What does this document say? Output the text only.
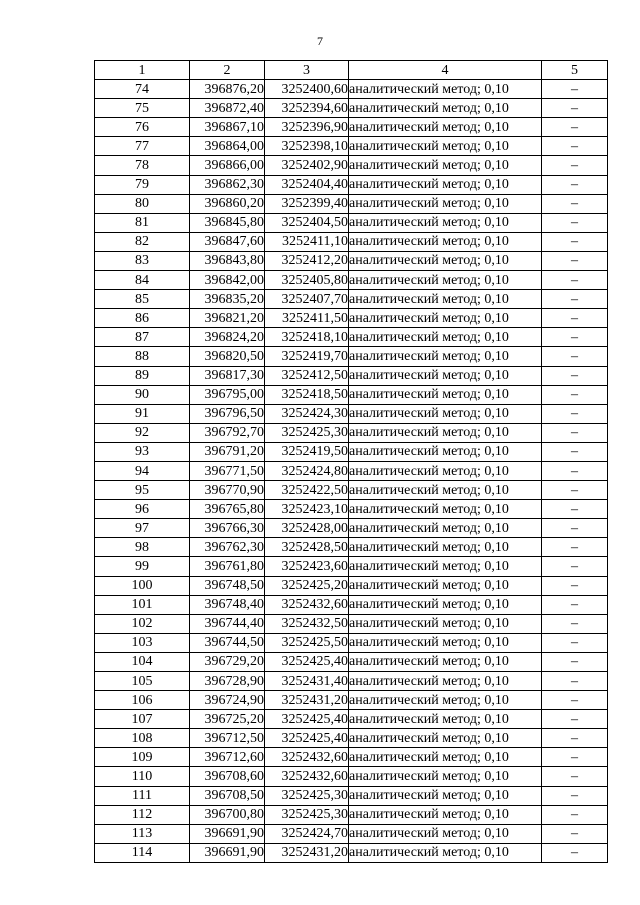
7
1	2	3	4	5
74	396876,20	3252400,60	аналитический метод; 0,10	–
75	396872,40	3252394,60	аналитический метод; 0,10	–
76	396867,10	3252396,90	аналитический метод; 0,10	–
77	396864,00	3252398,10	аналитический метод; 0,10	–
78	396866,00	3252402,90	аналитический метод; 0,10	–
79	396862,30	3252404,40	аналитический метод; 0,10	–
80	396860,20	3252399,40	аналитический метод; 0,10	–
81	396845,80	3252404,50	аналитический метод; 0,10	–
82	396847,60	3252411,10	аналитический метод; 0,10	–
83	396843,80	3252412,20	аналитический метод; 0,10	–
84	396842,00	3252405,80	аналитический метод; 0,10	–
85	396835,20	3252407,70	аналитический метод; 0,10	–
86	396821,20	3252411,50	аналитический метод; 0,10	–
87	396824,20	3252418,10	аналитический метод; 0,10	–
88	396820,50	3252419,70	аналитический метод; 0,10	–
89	396817,30	3252412,50	аналитический метод; 0,10	–
90	396795,00	3252418,50	аналитический метод; 0,10	–
91	396796,50	3252424,30	аналитический метод; 0,10	–
92	396792,70	3252425,30	аналитический метод; 0,10	–
93	396791,20	3252419,50	аналитический метод; 0,10	–
94	396771,50	3252424,80	аналитический метод; 0,10	–
95	396770,90	3252422,50	аналитический метод; 0,10	–
96	396765,80	3252423,10	аналитический метод; 0,10	–
97	396766,30	3252428,00	аналитический метод; 0,10	–
98	396762,30	3252428,50	аналитический метод; 0,10	–
99	396761,80	3252423,60	аналитический метод; 0,10	–
100	396748,50	3252425,20	аналитический метод; 0,10	–
101	396748,40	3252432,60	аналитический метод; 0,10	–
102	396744,40	3252432,50	аналитический метод; 0,10	–
103	396744,50	3252425,50	аналитический метод; 0,10	–
104	396729,20	3252425,40	аналитический метод; 0,10	–
105	396728,90	3252431,40	аналитический метод; 0,10	–
106	396724,90	3252431,20	аналитический метод; 0,10	–
107	396725,20	3252425,40	аналитический метод; 0,10	–
108	396712,50	3252425,40	аналитический метод; 0,10	–
109	396712,60	3252432,60	аналитический метод; 0,10	–
110	396708,60	3252432,60	аналитический метод; 0,10	–
111	396708,50	3252425,30	аналитический метод; 0,10	–
112	396700,80	3252425,30	аналитический метод; 0,10	–
113	396691,90	3252424,70	аналитический метод; 0,10	–
114	396691,90	3252431,20	аналитический метод; 0,10	–
